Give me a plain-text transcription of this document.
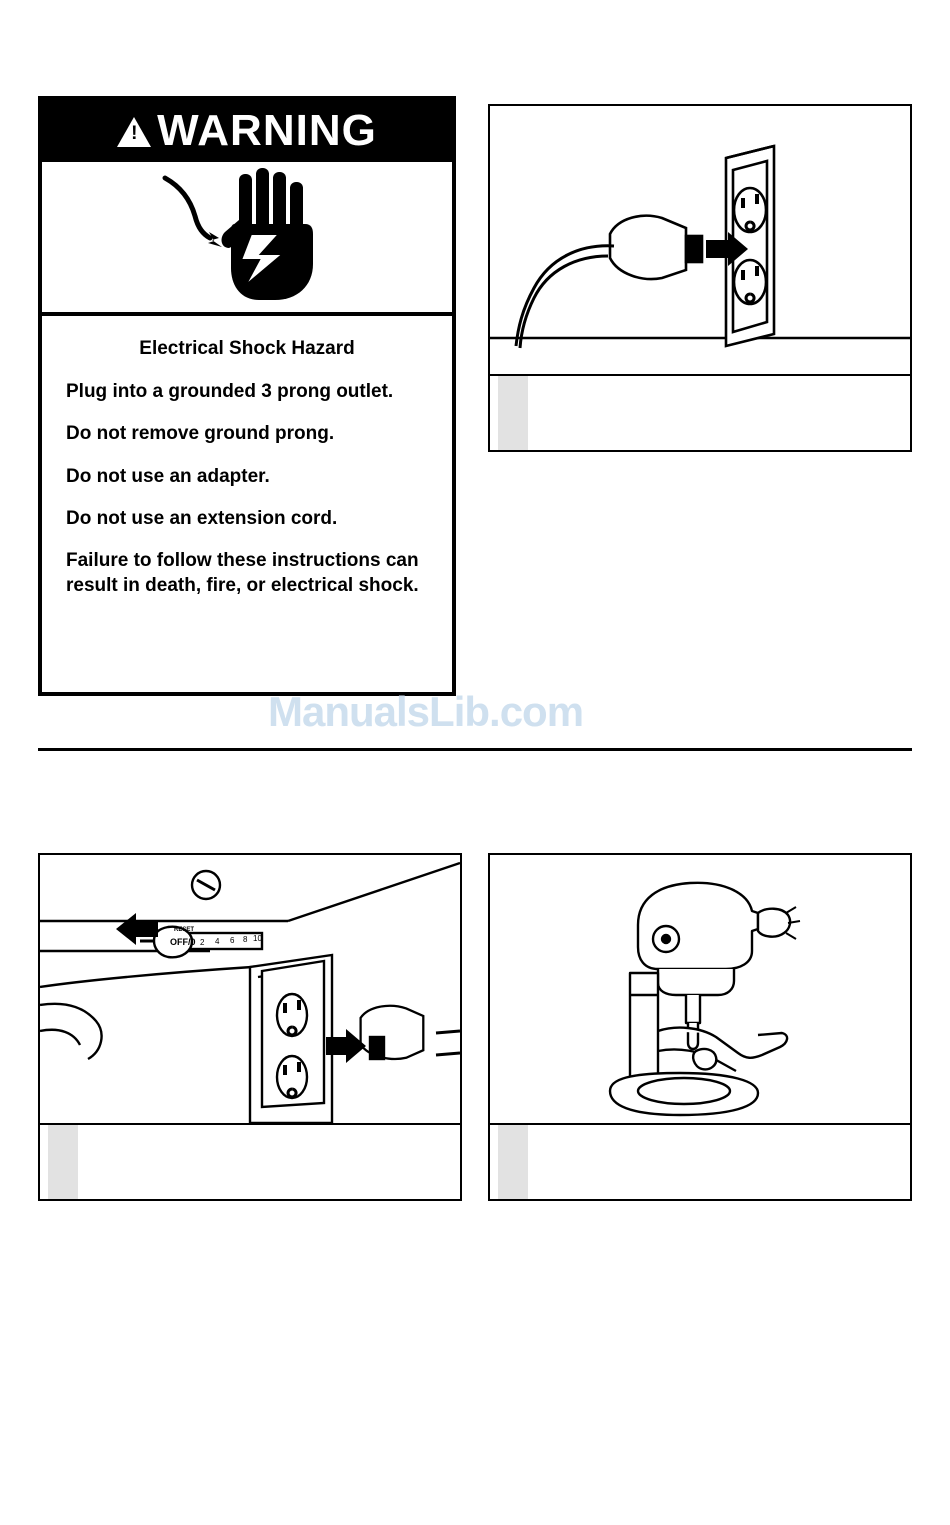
!
WARNING
Electrical Shock Hazard
Plug into a grounded 3 prong outlet.
Do not remove ground prong.
Do not use an adapter.
Do not use an extension cord.
Failure to follow these instructions can result in death, fire, or electrical shock.
ManualsLib.com
RESET
OFF/0 2 4 6 8 10
